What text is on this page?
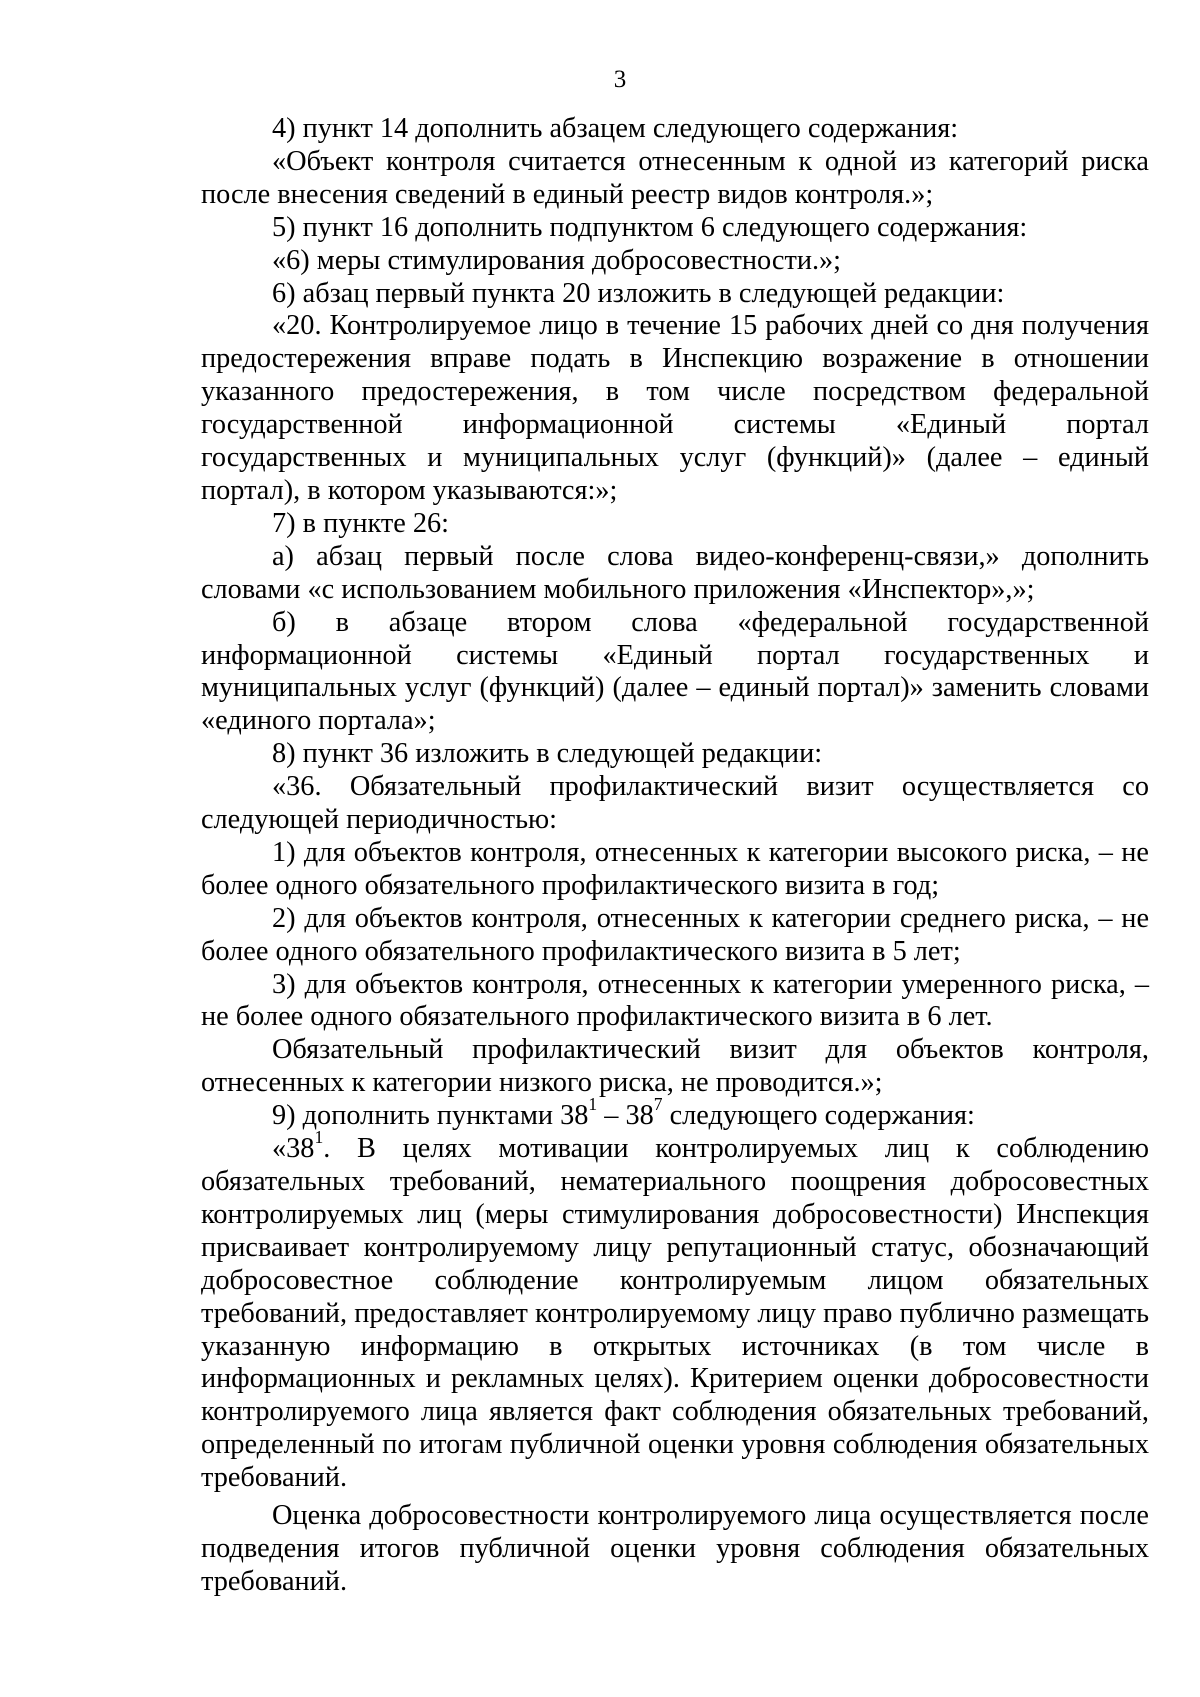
3

4) пункт 14 дополнить абзацем следующего содержания:

«Объект контроля считается отнесенным к одной из категорий риска после внесения сведений в единый реестр видов контроля.»;

5) пункт 16 дополнить подпунктом 6 следующего содержания:

«6) меры стимулирования добросовестности.»;

6) абзац первый пункта 20 изложить в следующей редакции:

«20. Контролируемое лицо в течение 15 рабочих дней со дня получения предостережения вправе подать в Инспекцию возражение в отношении указанного предостережения, в том числе посредством федеральной государственной информационной системы «Единый портал государственных и муниципальных услуг (функций)» (далее – единый портал), в котором указываются:»;

7) в пункте 26:

а) абзац первый после слова видео-конференц-связи,» дополнить словами «с использованием мобильного приложения «Инспектор»,»;

б) в абзаце втором слова «федеральной государственной информационной системы «Единый портал государственных и муниципальных услуг (функций) (далее – единый портал)» заменить словами «единого портала»;

8) пункт 36 изложить в следующей редакции:

«36. Обязательный профилактический визит осуществляется со следующей периодичностью:

1) для объектов контроля, отнесенных к категории высокого риска, – не более одного обязательного профилактического визита в год;

2) для объектов контроля, отнесенных к категории среднего риска, – не более одного обязательного профилактического визита в 5 лет;

3) для объектов контроля, отнесенных к категории умеренного риска, – не более одного обязательного профилактического визита в 6 лет.

Обязательный профилактический визит для объектов контроля, отнесенных к категории низкого риска, не проводится.»;

9) дополнить пунктами $38^1 - 38^7$ следующего содержания:

«$38^1$. В целях мотивации контролируемых лиц к соблюдению обязательных требований, нематериального поощрения добросовестных контролируемых лиц (меры стимулирования добросовестности) Инспекция присваивает контролируемому лицу репутационный статус, обозначающий добросовестное соблюдение контролируемым лицом обязательных требований, предоставляет контролируемому лицу право публично размещать указанную информацию в открытых источниках (в том числе в информационных и рекламных целях). Критерием оценки добросовестности контролируемого лица является факт соблюдения обязательных требований, определенный по итогам публичной оценки уровня соблюдения обязательных требований.

Оценка добросовестности контролируемого лица осуществляется после подведения итогов публичной оценки уровня соблюдения обязательных требований.
